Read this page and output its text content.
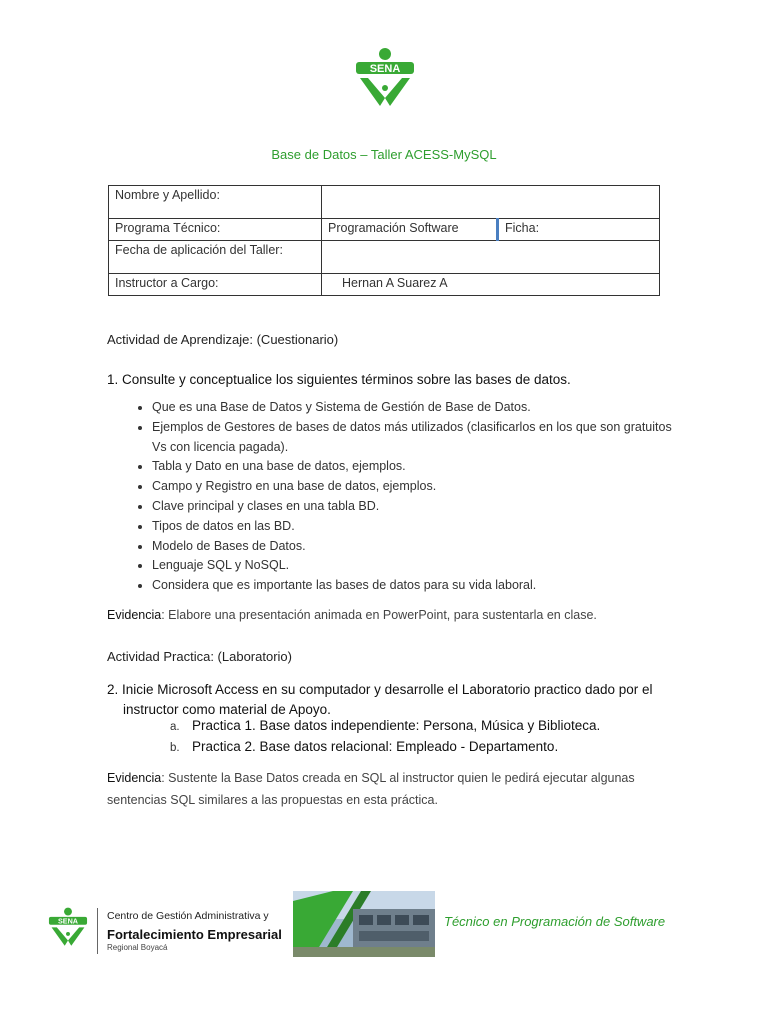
SENA
Base de Datos – Taller ACESS-MySQL
Nombre y Apellido:		
Programa Técnico:	Programación Software	Ficha:
Fecha de aplicación del Taller:		
Instructor a Cargo:	Hernan A Suarez A	
Actividad de Aprendizaje: (Cuestionario)
1. Consulte y conceptualice los siguientes términos sobre las bases de datos.
• Que es una Base de Datos y Sistema de Gestión de Base de Datos.
• Ejemplos de Gestores de bases de datos más utilizados (clasificarlos en los que son gratuitos Vs con licencia pagada).
• Tabla y Dato en una base de datos, ejemplos.
• Campo y Registro en una base de datos, ejemplos.
• Clave principal y clases en una tabla BD.
• Tipos de datos en las BD.
• Modelo de Bases de Datos.
• Lenguaje SQL y NoSQL.
• Considera que es importante las bases de datos para su vida laboral.
Evidencia: Elabore una presentación animada en PowerPoint, para sustentarla en clase.
Actividad Practica: (Laboratorio)
2. Inicie Microsoft Access en su computador y desarrolle el Laboratorio practico dado por el instructor como material de Apoyo.
a. Practica 1. Base datos independiente: Persona, Música y Biblioteca.
b. Practica 2. Base datos relacional: Empleado - Departamento.
Evidencia: Sustente la Base Datos creada en SQL al instructor quien le pedirá ejecutar algunas sentencias SQL similares a las propuestas en esta práctica.
SENA	Centro de Gestión Administrativa y
Fortalecimiento Empresarial
Regional Boyacá
Técnico en Programación de Software
